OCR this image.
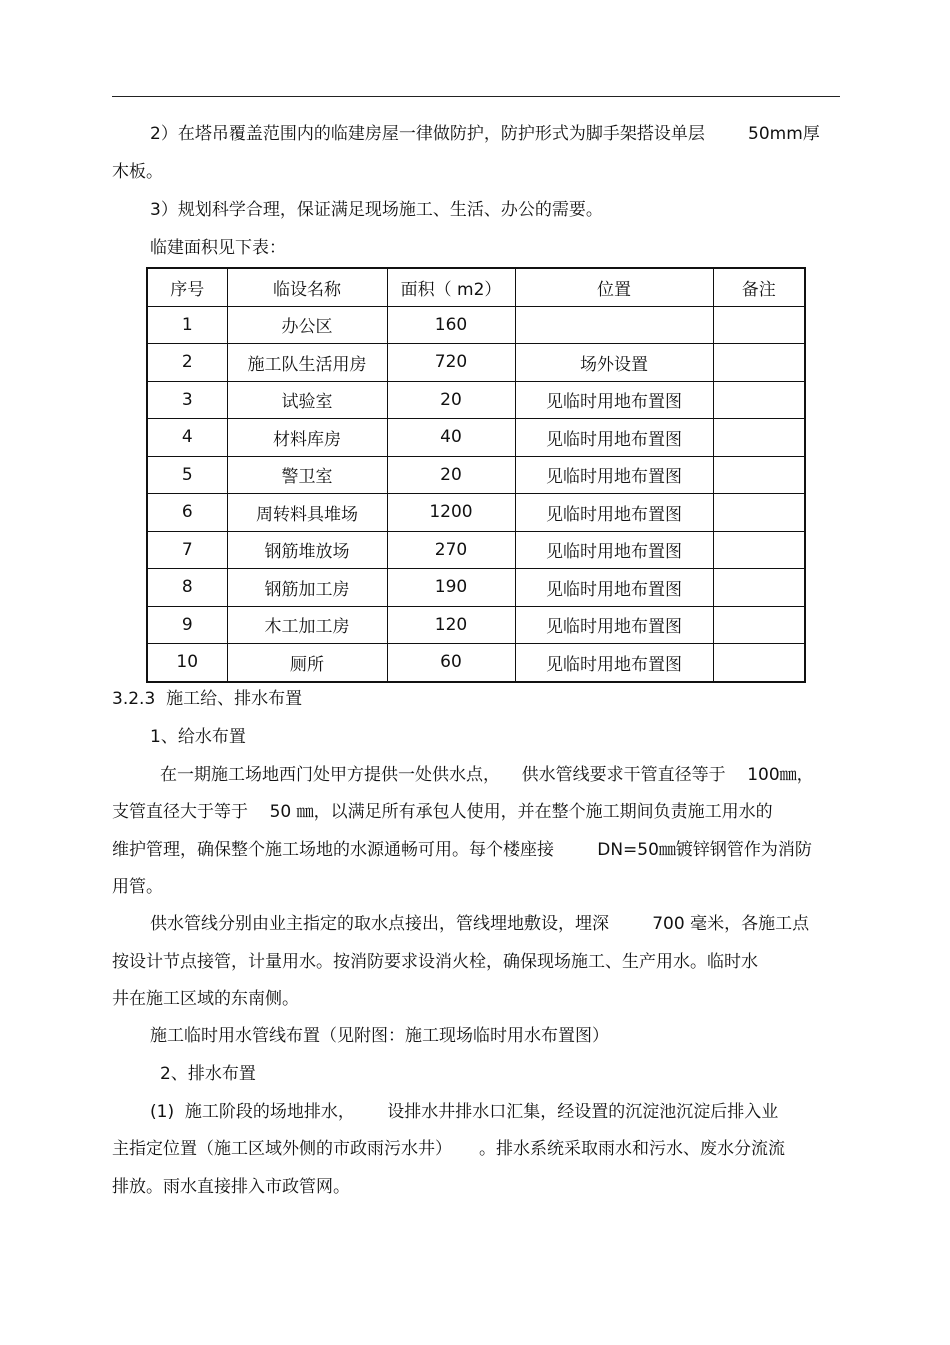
2）在塔吊覆盖范围内的临建房屋一律做防护，防护形式为脚手架搭设单层        50mm厚
木板。
3）规划科学合理，保证满足现场施工、生活、办公的需要。
临建面积见下表：
序号	临设名称	面积（ m2）	位置	备注
1	办公区	160		
2	施工队生活用房	720	场外设置	
3	试验室	20	见临时用地布置图	
4	材料库房	40	见临时用地布置图	
5	警卫室	20	见临时用地布置图	
6	周转料具堆场	1200	见临时用地布置图	
7	钢筋堆放场	270	见临时用地布置图	
8	钢筋加工房	190	见临时用地布置图	
9	木工加工房	120	见临时用地布置图	
10	厕所	60	见临时用地布置图	
3.2.3  施工给、排水布置
1、给水布置
在一期施工场地西门处甲方提供一处供水点，    供水管线要求干管直径等于    100㎜，
支管直径大于等于    50 ㎜，以满足所有承包人使用，并在整个施工期间负责施工用水的
维护管理，确保整个施工场地的水源通畅可用。每个楼座接        DN=50㎜镀锌钢管作为消防
用管。
供水管线分别由业主指定的取水点接出，管线埋地敷设，埋深        700 毫米，各施工点
按设计节点接管，计量用水。按消防要求设消火栓，确保现场施工、生产用水。临时水
井在施工区域的东南侧。
施工临时用水管线布置（见附图：施工现场临时用水布置图）
2、排水布置
(1)  施工阶段的场地排水，      设排水井排水口汇集，经设置的沉淀池沉淀后排入业
主指定位置（施工区域外侧的市政雨污水井）     。排水系统采取雨水和污水、废水分流流
排放。雨水直接排入市政管网。
